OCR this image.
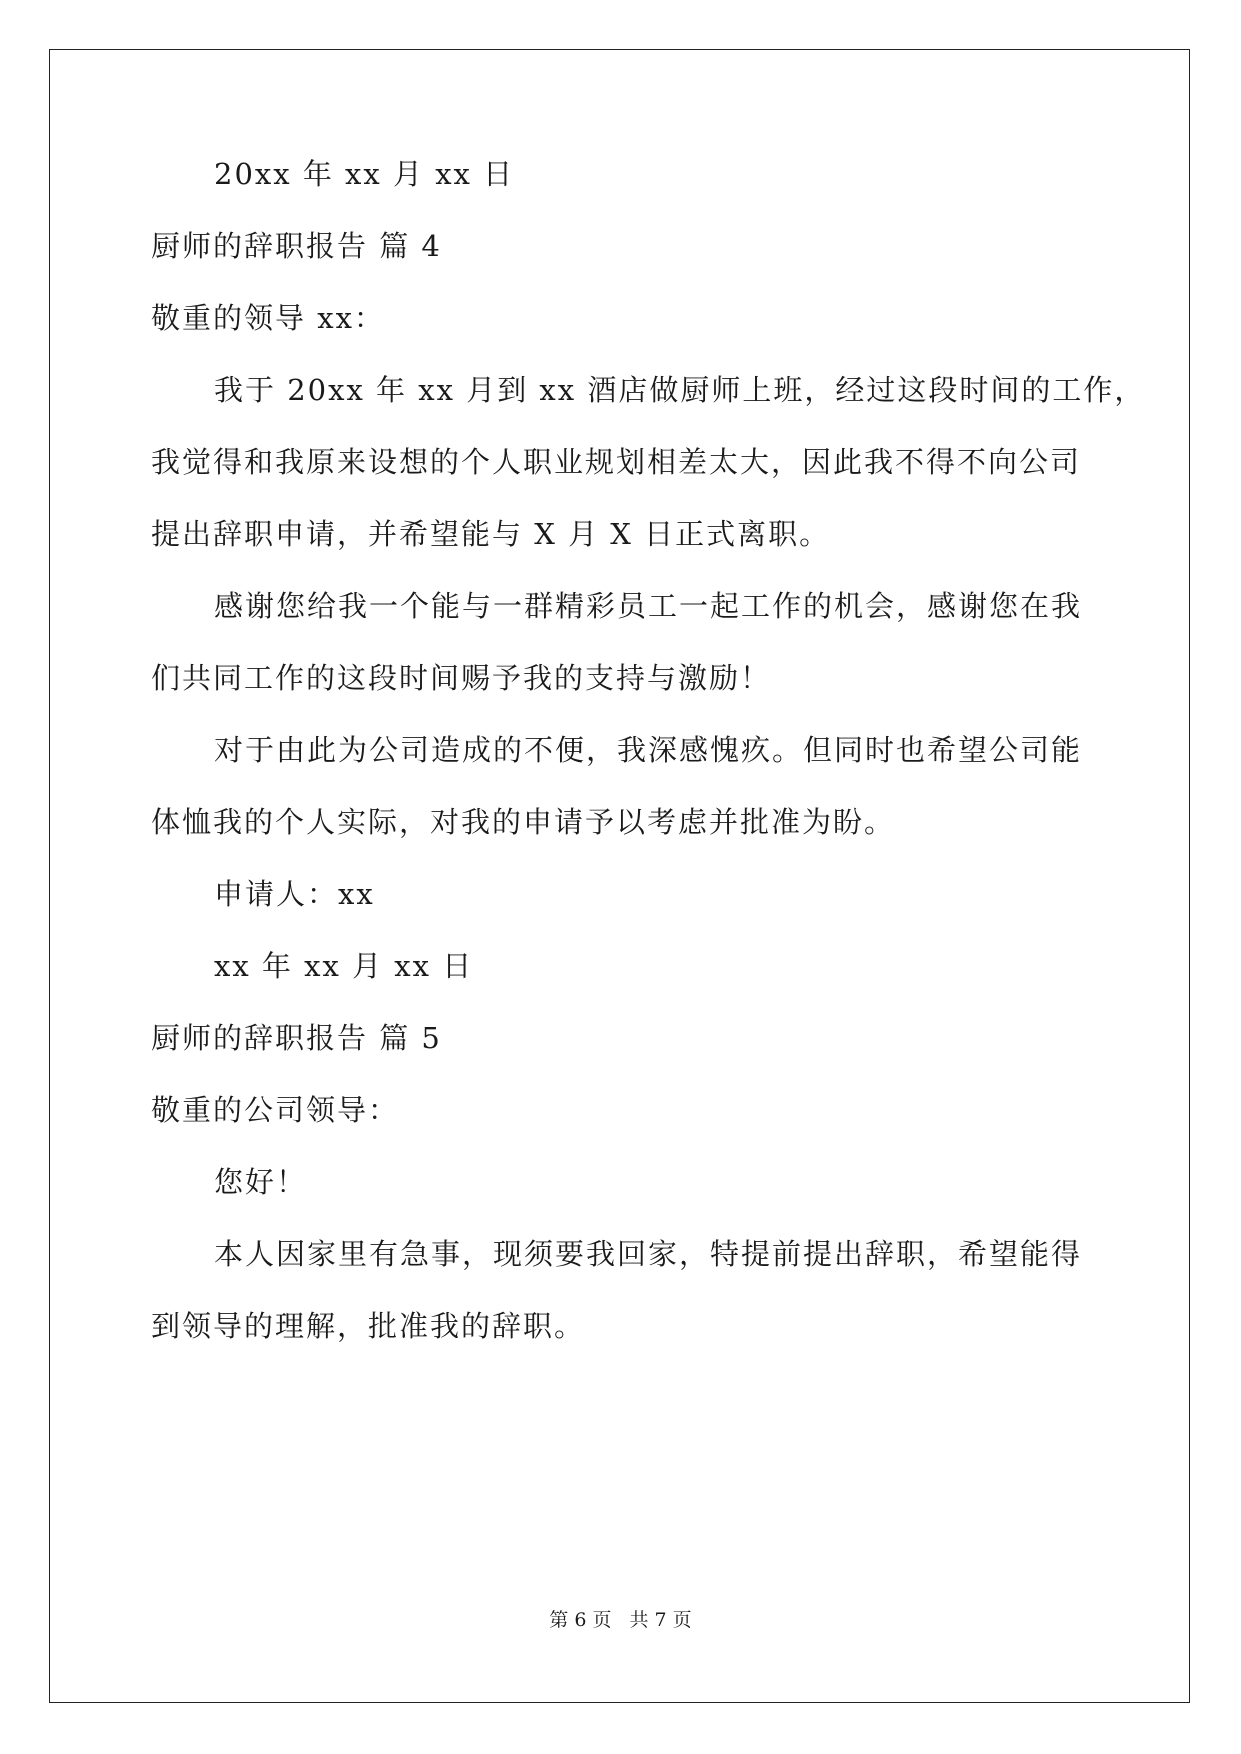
20xx 年 xx 月 xx 日
厨师的辞职报告 篇 4
敬重的领导 xx：
我于 20xx 年 xx 月到 xx 酒店做厨师上班，经过这段时间的工作，
我觉得和我原来设想的个人职业规划相差太大，因此我不得不向公司
提出辞职申请，并希望能与 X 月 X 日正式离职。
感谢您给我一个能与一群精彩员工一起工作的机会，感谢您在我
们共同工作的这段时间赐予我的支持与激励！
对于由此为公司造成的不便，我深感愧疚。但同时也希望公司能
体恤我的个人实际，对我的申请予以考虑并批准为盼。
申请人：xx
xx 年 xx 月 xx 日
厨师的辞职报告 篇 5
敬重的公司领导：
您好！
本人因家里有急事，现须要我回家，特提前提出辞职，希望能得
到领导的理解，批准我的辞职。
第 6 页 共 7 页
